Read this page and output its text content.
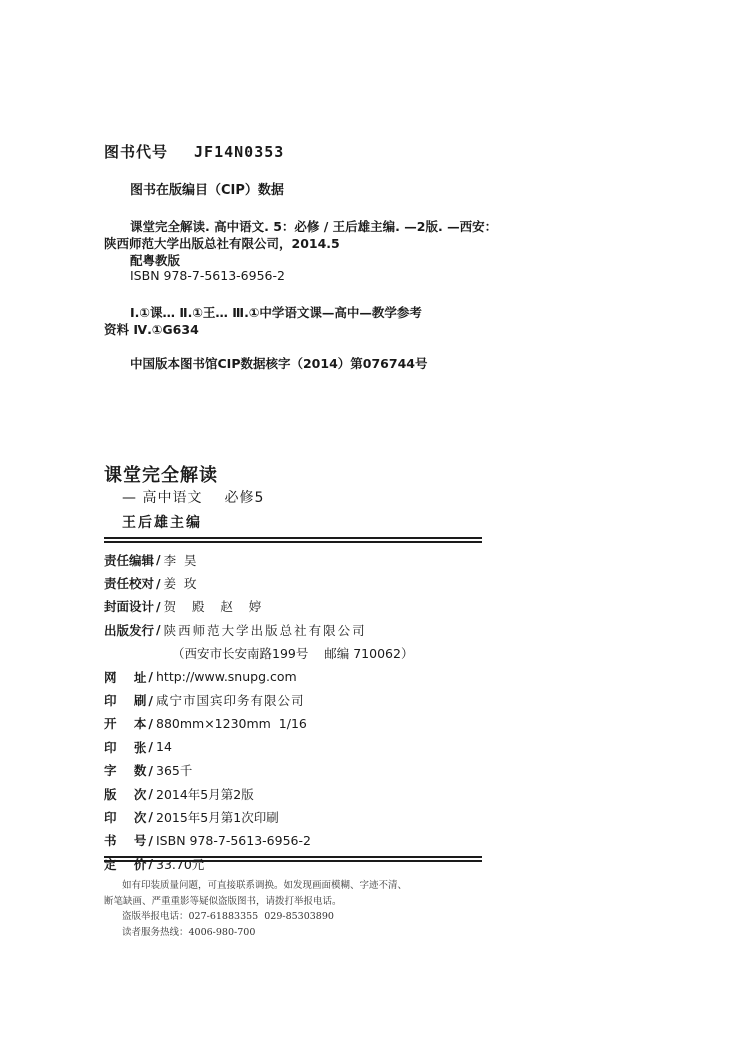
图书代号 JF14N0353
图书在版编目（CIP）数据
课堂完全解读. 高中语文. 5：必修 / 王后雄主编. —2版. —西安：
陕西师范大学出版总社有限公司，2014.5
配粤教版
ISBN 978-7-5613-6956-2
Ⅰ.①课… Ⅱ.①王… Ⅲ.①中学语文课—高中—教学参考
资料 Ⅳ.①G634
中国版本图书馆CIP数据核字（2014）第076744号
课堂完全解读
— 高中语文 必修5
王后雄主编
责任编辑 / 李  昊
责任校对 / 姜  玫
封面设计 / 贺    殿    赵    婷
出版发行 / 陕西师范大学出版总社有限公司
（西安市长安南路199号    邮编 710062）
网    址 / http://www.snupg.com
印    刷 / 咸宁市国宾印务有限公司
开    本 / 880mm×1230mm  1/16
印    张 / 14
字    数 / 365千
版    次 / 2014年5月第2版
印    次 / 2015年5月第1次印刷
书    号 / ISBN 978-7-5613-6956-2
定    价 / 33.70元
如有印装质量问题，可直接联系调换。如发现画面模糊、字迹不清、
断笔缺画、严重重影等疑似盗版图书，请拨打举报电话。
盗版举报电话：027-61883355  029-85303890
读者服务热线：4006-980-700
